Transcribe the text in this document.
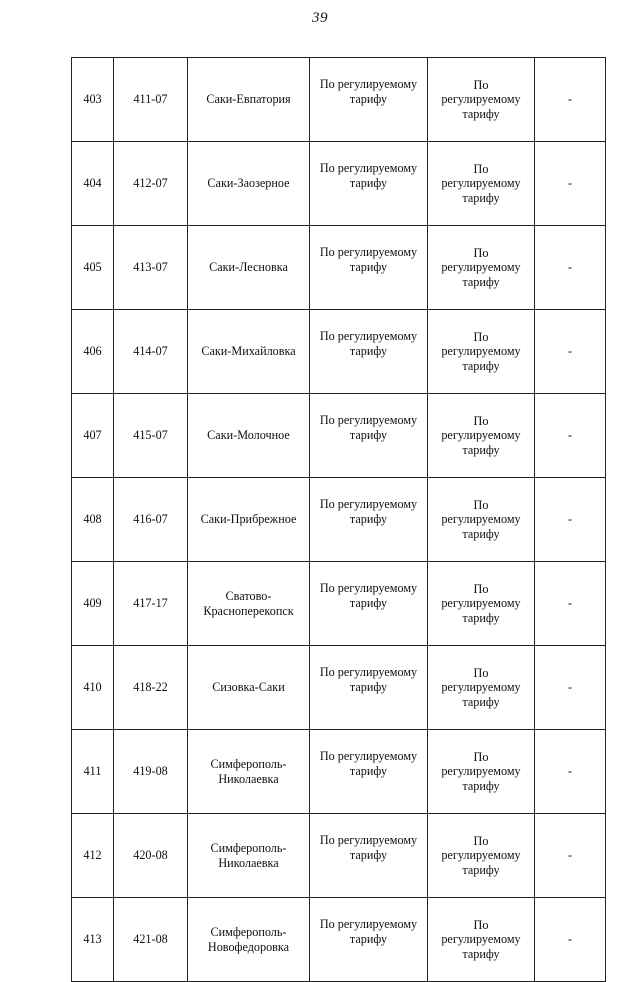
39
403	411-07	Саки-Евпатория	По регулируемому
тарифу	По
регулируемому
тарифу	-
404	412-07	Саки-Заозерное	По регулируемому
тарифу	По
регулируемому
тарифу	-
405	413-07	Саки-Лесновка	По регулируемому
тарифу	По
регулируемому
тарифу	-
406	414-07	Саки-Михайловка	По регулируемому
тарифу	По
регулируемому
тарифу	-
407	415-07	Саки-Молочное	По регулируемому
тарифу	По
регулируемому
тарифу	-
408	416-07	Саки-Прибрежное	По регулируемому
тарифу	По
регулируемому
тарифу	-
409	417-17	Сватово-
Красноперекопск	По регулируемому
тарифу	По
регулируемому
тарифу	-
410	418-22	Сизовка-Саки	По регулируемому
тарифу	По
регулируемому
тарифу	-
411	419-08	Симферополь-
Николаевка	По регулируемому
тарифу	По
регулируемому
тарифу	-
412	420-08	Симферополь-
Николаевка	По регулируемому
тарифу	По
регулируемому
тарифу	-
413	421-08	Симферополь-
Новофедоровка	По регулируемому
тарифу	По
регулируемому
тарифу	-
